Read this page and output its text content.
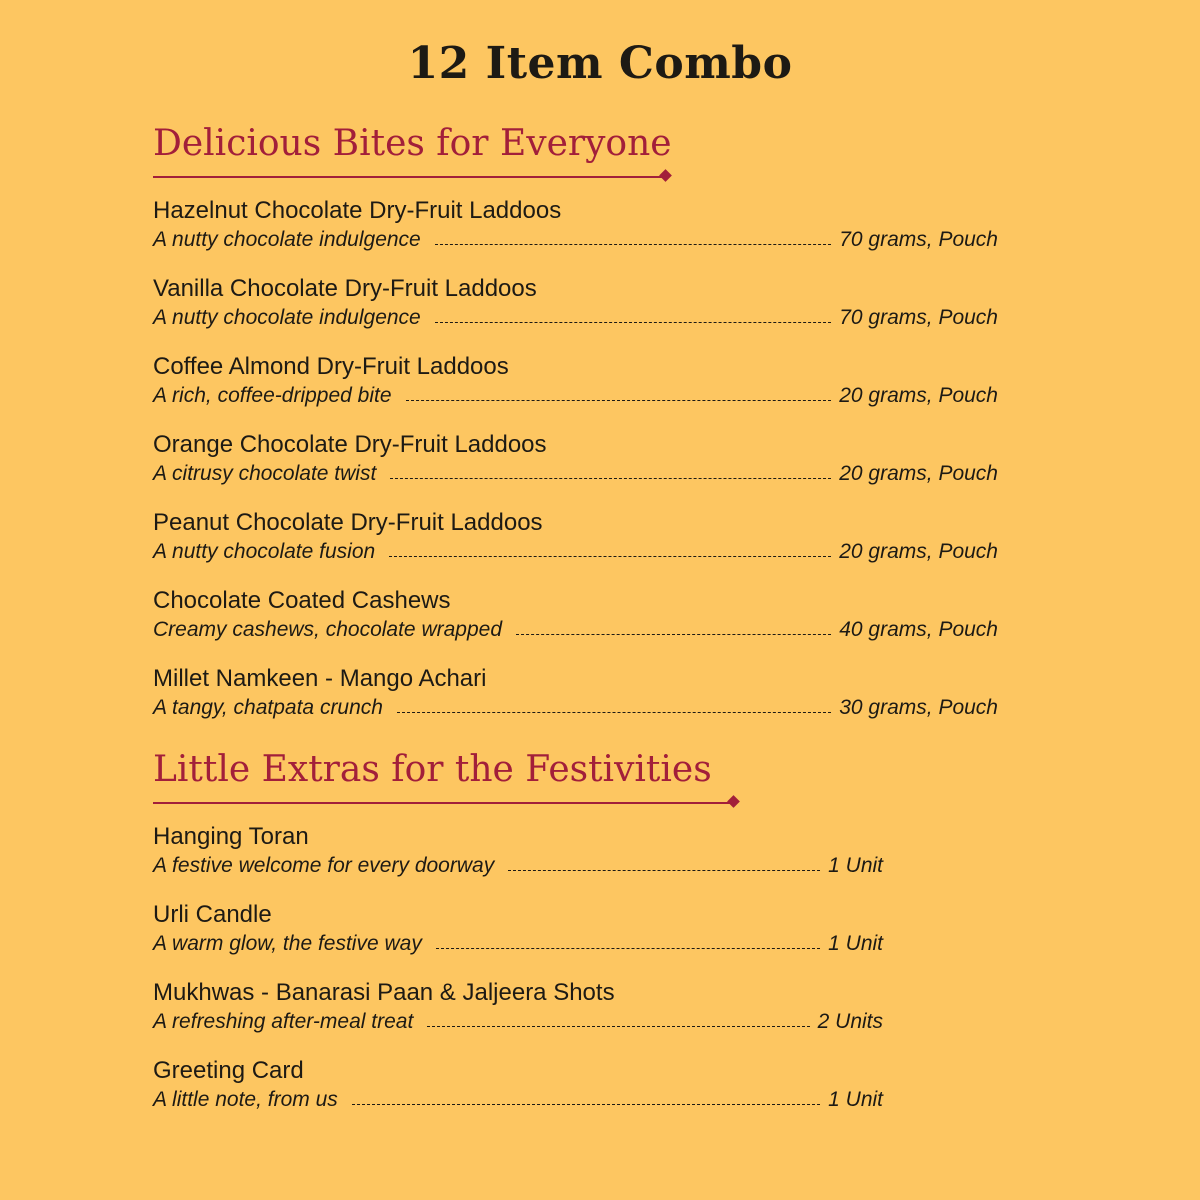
12 Item Combo
Delicious Bites for Everyone
Hazelnut Chocolate Dry-Fruit Laddoos
A nutty chocolate indulgence	70 grams, Pouch
Vanilla Chocolate Dry-Fruit Laddoos
A nutty chocolate indulgence	70 grams, Pouch
Coffee Almond Dry-Fruit Laddoos
A rich, coffee-dripped bite	20 grams, Pouch
Orange Chocolate Dry-Fruit Laddoos
A citrusy chocolate twist	20 grams, Pouch
Peanut Chocolate Dry-Fruit Laddoos
A nutty chocolate fusion	20 grams, Pouch
Chocolate Coated Cashews
Creamy cashews, chocolate wrapped	40 grams, Pouch
Millet Namkeen - Mango Achari
A tangy, chatpata crunch	30 grams, Pouch
Little Extras for the Festivities
Hanging Toran
A festive welcome for every doorway	1 Unit
Urli Candle
A warm glow, the festive way	1 Unit
Mukhwas - Banarasi Paan & Jaljeera Shots
A refreshing after-meal treat	2 Units
Greeting Card
A little note, from us	1 Unit
